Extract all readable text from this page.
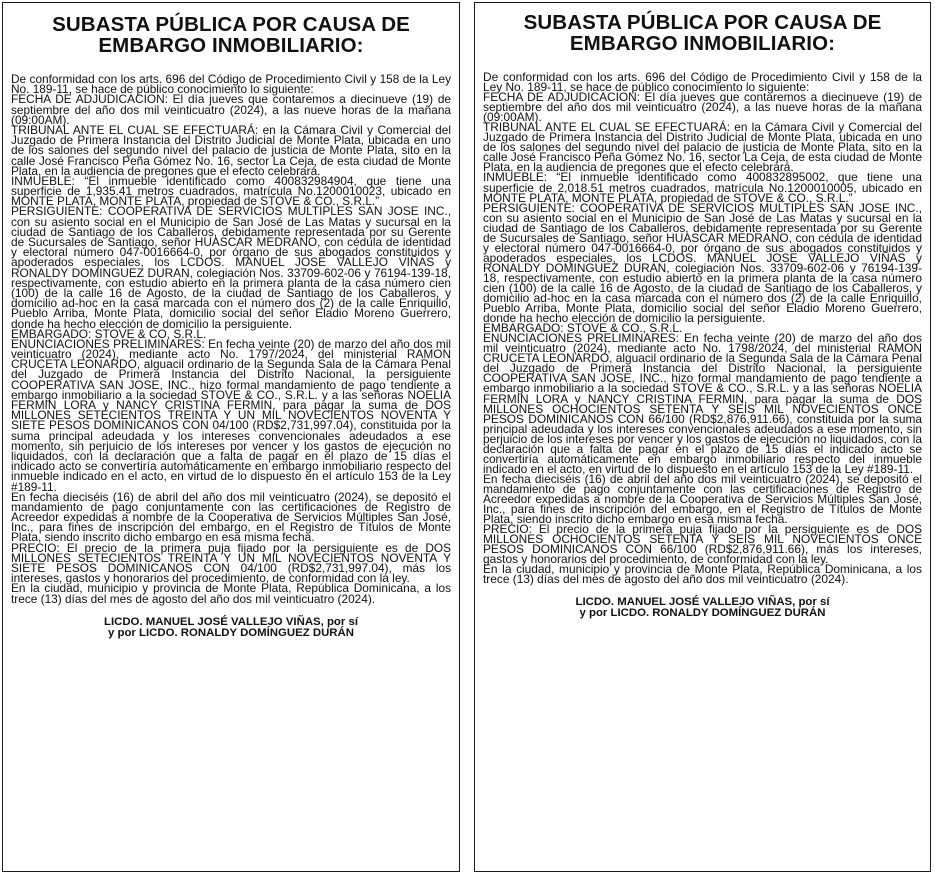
SUBASTA PÚBLICA POR CAUSA DE EMBARGO INMOBILIARIO:

De conformidad con los arts. 696 del Código de Procedimiento Civil y 158 de la Ley No. 189-11, se hace de público conocimiento lo siguiente:

FECHA DE ADJUDICACION: El día jueves que contaremos a diecinueve (19) de septiembre del año dos mil veinticuatro (2024), a las nueve horas de la mañana (09:00AM).

TRIBUNAL ANTE EL CUAL SE EFECTUARÁ: en la Cámara Civil y Comercial del Juzgado de Primera Instancia del Distrito Judicial de Monte Plata, ubicada en uno de los salones del segundo nivel del palacio de justicia de Monte Plata, sito en la calle José Francisco Peña Gómez No. 16, sector La Ceja, de esta ciudad de Monte Plata, en la audiencia de pregones que el efecto celebrará.

INMUEBLE: “El inmueble identificado como 400832984904, que tiene una superficie de 1,935.41 metros cuadrados, matrícula No.1200010023, ubicado en MONTE PLATA, MONTE PLATA, propiedad de STOVE & CO., S.R.L.”

PERSIGUIENTE: COOPERATIVA DE SERVICIOS MULTIPLES SAN JOSE INC., con su asiento social en el Municipio de San José de Las Matas y sucursal en la ciudad de Santiago de los Caballeros, debidamente representada por su Gerente de Sucursales de Santiago, señor HUASCAR MEDRANO, con cédula de identidad y electoral número 047-0016664-0, por órgano de sus abogados constituidos y apoderados especiales, los LCDOS. MANUEL JOSE VALLEJO VIÑAS y RONALDY DOMINGUEZ DURAN, colegiación Nos. 33709-602-06 y 76194-139-18, respectivamente, con estudio abierto en la primera planta de la casa número cien (100) de la calle 16 de Agosto, de la ciudad de Santiago de los Caballeros, y domicilio ad-hoc en la casa marcada con el número dos (2) de la calle Enriquillo, Pueblo Arriba, Monte Plata, domicilio social del señor Eladio Moreno Guerrero, donde ha hecho elección de domicilio la persiguiente.

EMBARGADO: STOVE & CO, S.R.L.

ENUNCIACIONES PRELIMINARES: En fecha veinte (20) de marzo del año dos mil veinticuatro (2024), mediante acto No. 1797/2024, del ministerial RAMON CRUCETA LEONARDO, alguacil ordinario de la Segunda Sala de la Cámara Penal del Juzgado de Primera Instancia del Distrito Nacional, la persiguiente COOPERATIVA SAN JOSE, INC., hizo formal mandamiento de pago tendiente a embargo inmobiliario a la sociedad STOVE & CO., S.R.L. y a las señoras NOELIA FERMIN LORA y NANCY CRISTINA FERMIN, para pagar la suma de DOS MILLONES SETECIENTOS TREINTA Y UN MIL NOVECIENTOS NOVENTA Y SIETE PESOS DOMINICANOS CON 04/100 (RD$2,731,997.04), constituida por la suma principal adeudada y los intereses convencionales adeudados a ese momento, sin perjuicio de los intereses por vencer y los gastos de ejecución no liquidados, con la declaración que a falta de pagar en el plazo de 15 días el indicado acto se convertiría automáticamente en embargo inmobiliario respecto del inmueble indicado en el acto, en virtud de lo dispuesto en el artículo 153 de la Ley #189-11.

En fecha dieciséis (16) de abril del año dos mil veinticuatro (2024), se depositó el mandamiento de pago conjuntamente con las certificaciones de Registro de Acreedor expedidas a nombre de la Cooperativa de Servicios Múltiples San José, Inc., para fines de inscripción del embargo, en el Registro de Títulos de Monte Plata, siendo inscrito dicho embargo en esa misma fecha.

PRECIO: El precio de la primera puja fijado por la persiguiente es de DOS MILLONES SETECIENTOS TREINTA Y UN MIL NOVECIENTOS NOVENTA Y SIETE PESOS DOMINICANOS CON 04/100 (RD$2,731,997.04), más los intereses, gastos y honorarios del procedimiento, de conformidad con la ley.

En la ciudad, municipio y provincia de Monte Plata, República Dominicana, a los trece (13) días del mes de agosto del año dos mil veinticuatro (2024).

LICDO. MANUEL JOSÉ VALLEJO VIÑAS, por sí
y por LICDO. RONALDY DOMÍNGUEZ DURÁN
SUBASTA PÚBLICA POR CAUSA DE EMBARGO INMOBILIARIO:

De conformidad con los arts. 696 del Código de Procedimiento Civil y 158 de la Ley No. 189-11, se hace de público conocimiento lo siguiente:

FECHA DE ADJUDICACION: El día jueves que contaremos a diecinueve (19) de septiembre del año dos mil veinticuatro (2024), a las nueve horas de la mañana (09:00AM).

TRIBUNAL ANTE EL CUAL SE EFECTUARÁ: en la Cámara Civil y Comercial del Juzgado de Primera Instancia del Distrito Judicial de Monte Plata, ubicada en uno de los salones del segundo nivel del palacio de justicia de Monte Plata, sito en la calle José Francisco Peña Gómez No. 16, sector La Ceja, de esta ciudad de Monte Plata, en la audiencia de pregones que el efecto celebrará.

INMUEBLE: “El inmueble identificado como 400832895002, que tiene una superficie de 2,018.51 metros cuadrados, matrícula No.1200010005, ubicado en MONTE PLATA, MONTE PLATA, propiedad de STOVE & CO., S.R.L.”

PERSIGUIENTE: COOPERATIVA DE SERVICIOS MULTIPLES SAN JOSE INC., con su asiento social en el Municipio de San José de Las Matas y sucursal en la ciudad de Santiago de los Caballeros, debidamente representada por su Gerente de Sucursales de Santiago, señor HUASCAR MEDRANO, con cédula de identidad y electoral número 047-0016664-0, por órgano de sus abogados constituidos y apoderados especiales, los LCDOS. MANUEL JOSE VALLEJO VIÑAS y RONALDY DOMINGUEZ DURAN, colegiación Nos. 33709-602-06 y 76194-139-18, respectivamente, con estudio abierto en la primera planta de la casa número cien (100) de la calle 16 de Agosto, de la ciudad de Santiago de los Caballeros, y domicilio ad-hoc en la casa marcada con el número dos (2) de la calle Enriquillo, Pueblo Arriba, Monte Plata, domicilio social del señor Eladio Moreno Guerrero, donde ha hecho elección de domicilio la persiguiente.

EMBARGADO: STOVE & CO., S.R.L.

ENUNCIACIONES PRELIMINARES: En fecha veinte (20) de marzo del año dos mil veinticuatro (2024), mediante acto No. 1798/2024, del ministerial RAMON CRUCETA LEONARDO, alguacil ordinario de la Segunda Sala de la Cámara Penal del Juzgado de Primera Instancia del Distrito Nacional, la persiguiente COOPERATIVA SAN JOSE, INC., hizo formal mandamiento de pago tendiente a embargo inmobiliario a la sociedad STOVE & CO., S.R.L. y a las señoras NOELIA FERMIN LORA y NANCY CRISTINA FERMIN, para pagar la suma de DOS MILLONES OCHOCIENTOS SETENTA Y SEIS MIL NOVECIENTOS ONCE PESOS DOMINICANOS CON 66/100 (RD$2,876,911.66), constituida por la suma principal adeudada y los intereses convencionales adeudados a ese momento, sin perjuicio de los intereses por vencer y los gastos de ejecución no liquidados, con la declaración que a falta de pagar en el plazo de 15 días el indicado acto se convertiría automáticamente en embargo inmobiliario respecto del inmueble indicado en el acto, en virtud de lo dispuesto en el artículo 153 de la Ley #189-11.

En fecha dieciséis (16) de abril del año dos mil veinticuatro (2024), se depositó el mandamiento de pago conjuntamente con las certificaciones de Registro de Acreedor expedidas a nombre de la Cooperativa de Servicios Múltiples San José, Inc., para fines de inscripción del embargo, en el Registro de Títulos de Monte Plata, siendo inscrito dicho embargo en esa misma fecha.

PRECIO: El precio de la primera puja fijado por la persiguiente es de DOS MILLONES OCHOCIENTOS SETENTA Y SEIS MIL NOVECIENTOS ONCE PESOS DOMINICANOS CON 66/100 (RD$2,876,911.66), más los intereses, gastos y honorarios del procedimiento, de conformidad con la ley.

En la ciudad, municipio y provincia de Monte Plata, República Dominicana, a los trece (13) días del mes de agosto del año dos mil veinticuatro (2024).

LICDO. MANUEL JOSÉ VALLEJO VIÑAS, por sí
y por LICDO. RONALDY DOMÍNGUEZ DURÁN
